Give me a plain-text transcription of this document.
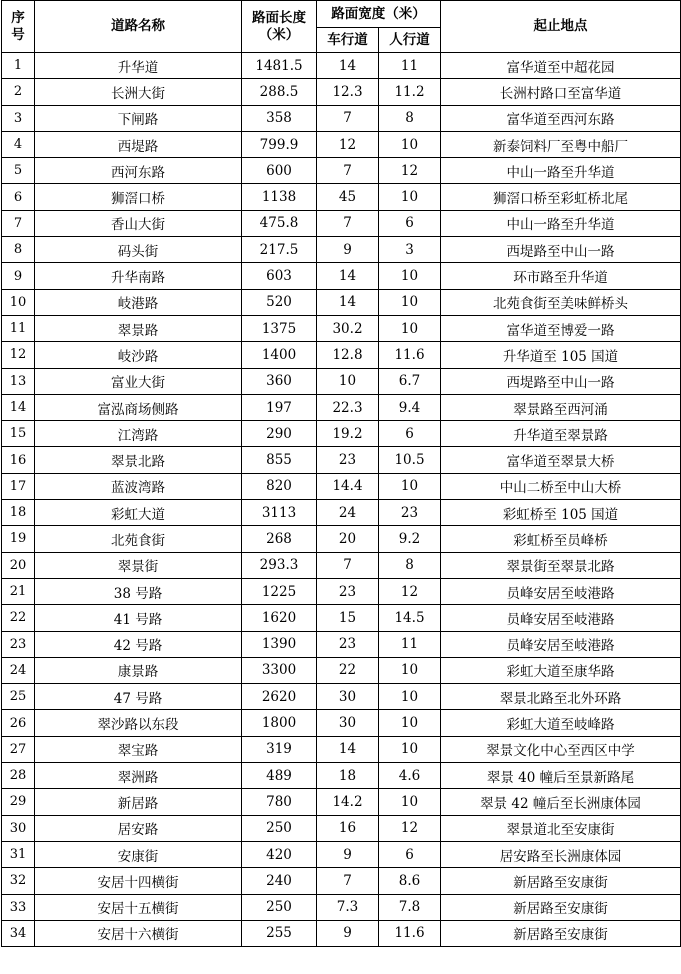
序号	道路名称	路面长度（米）	路面宽度（米）		起止地点
			车行道	人行道	
1	升华道	1481.5	14	11	富华道至中超花园
2	长洲大街	288.5	12.3	11.2	长洲村路口至富华道
3	下闸路	358	7	8	富华道至西河东路
4	西堤路	799.9	12	10	新泰饲料厂至粤中船厂
5	西河东路	600	7	12	中山一路至升华道
6	狮滘口桥	1138	45	10	狮滘口桥至彩虹桥北尾
7	香山大街	475.8	7	6	中山一路至升华道
8	码头街	217.5	9	3	西堤路至中山一路
9	升华南路	603	14	10	环市路至升华道
10	岐港路	520	14	10	北苑食街至美味鲜桥头
11	翠景路	1375	30.2	10	富华道至博爱一路
12	岐沙路	1400	12.8	11.6	升华道至 105 国道
13	富业大街	360	10	6.7	西堤路至中山一路
14	富泓商场侧路	197	22.3	9.4	翠景路至西河涌
15	江湾路	290	19.2	6	升华道至翠景路
16	翠景北路	855	23	10.5	富华道至翠景大桥
17	蓝波湾路	820	14.4	10	中山二桥至中山大桥
18	彩虹大道	3113	24	23	彩虹桥至 105 国道
19	北苑食街	268	20	9.2	彩虹桥至员峰桥
20	翠景街	293.3	7	8	翠景街至翠景北路
21	38 号路	1225	23	12	员峰安居至岐港路
22	41 号路	1620	15	14.5	员峰安居至岐港路
23	42 号路	1390	23	11	员峰安居至岐港路
24	康景路	3300	22	10	彩虹大道至康华路
25	47 号路	2620	30	10	翠景北路至北外环路
26	翠沙路以东段	1800	30	10	彩虹大道至岐峰路
27	翠宝路	319	14	10	翠景文化中心至西区中学
28	翠洲路	489	18	4.6	翠景 40 幢后至景新路尾
29	新居路	780	14.2	10	翠景 42 幢后至长洲康体园
30	居安路	250	16	12	翠景道北至安康街
31	安康街	420	9	6	居安路至长洲康体园
32	安居十四横街	240	7	8.6	新居路至安康街
33	安居十五横街	250	7.3	7.8	新居路至安康街
34	安居十六横街	255	9	11.6	新居路至安康街
